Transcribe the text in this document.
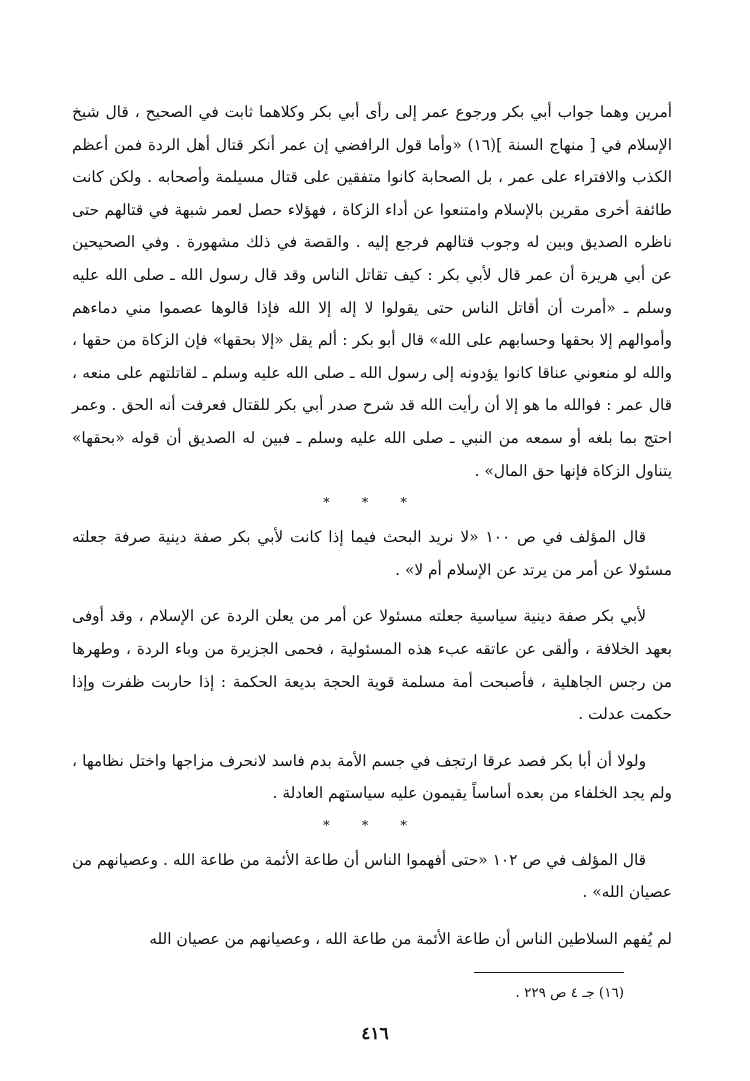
أمرين وهما جواب أبي بكر ورجوع عمر إلى رأى أبي بكر وكلاهما ثابت في الصحيح ، قال شيخ الإسلام في [ منهاج السنة ](١٦) «وأما قول الرافضي إن عمر أنكر قتال أهل الردة فمن أعظم الكذب والافتراء على عمر ، بل الصحابة كانوا متفقين على قتال مسيلمة وأصحابه . ولكن كانت طائفة أخرى مقرين بالإسلام وامتنعوا عن أداء الزكاة ، فهؤلاء حصل لعمر شبهة في قتالهم حتى ناظره الصديق وبين له وجوب قتالهم فرجع إليه . والقصة في ذلك مشهورة . وفي الصحيحين عن أبي هريرة أن عمر قال لأبي بكر : كيف تقاتل الناس وقد قال رسول الله ـ صلى الله عليه وسلم ـ «أمرت أن أقاتل الناس حتى يقولوا لا إله إلا الله فإذا قالوها عصموا مني دماءهم وأموالهم إلا بحقها وحسابهم على الله» قال أبو بكر : ألم يقل «إلا بحقها» فإن الزكاة من حقها ، والله لو منعوني عناقا كانوا يؤدونه إلى رسول الله ـ صلى الله عليه وسلم ـ لقاتلتهم على منعه ، قال عمر : فوالله ما هو إلا أن رأيت الله قد شرح صدر أبي بكر للقتال فعرفت أنه الحق . وعمر احتج بما بلغه أو سمعه من النبي ـ صلى الله عليه وسلم ـ فبين له الصديق أن قوله «بحقها» يتناول الزكاة فإنها حق المال» .

* * *

قال المؤلف في ص ١٠٠ «لا نريد البحث فيما إذا كانت لأبي بكر صفة دينية صرفة جعلته مسئولا عن أمر من يرتد عن الإسلام أم لا» .

لأبي بكر صفة دينية سياسية جعلته مسئولا عن أمر من يعلن الردة عن الإسلام ، وقد أوفى بعهد الخلافة ، وألقى عن عاتقه عبء هذه المسئولية ، فحمى الجزيرة من وباء الردة ، وطهرها من رجس الجاهلية ، فأصبحت أمة مسلمة قوية الحجة بديعة الحكمة : إذا حاربت ظفرت وإذا حكمت عدلت .

ولولا أن أبا بكر فصد عرقا ارتجف في جسم الأمة بدم فاسد لانحرف مزاجها واختل نظامها ، ولم يجد الخلفاء من بعده أساساً يقيمون عليه سياستهم العادلة .

* * *

قال المؤلف في ص ١٠٢ «حتى أفهموا الناس أن طاعة الأئمة من طاعة الله . وعصيانهم من عصيان الله» .

لم يُفهم السلاطين الناس أن طاعة الأئمة من طاعة الله ، وعصيانهم من عصيان الله

(١٦) جـ ٤ ص ٢٢٩ .
٤١٦
